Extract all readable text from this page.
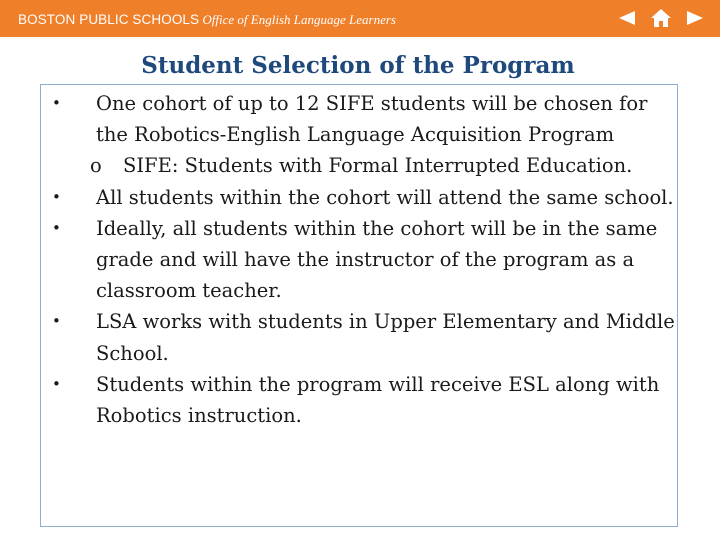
BOSTON PUBLIC SCHOOLS Office of English Language Learners
Student Selection of the Program
•	One cohort of up to 12 SIFE students will be chosen for the Robotics-English Language Acquisition Program
o SIFE: Students with Formal Interrupted Education.
•	All students within the cohort will attend the same school.
•	Ideally, all students within the cohort will be in the same grade and will have the instructor of the program as a classroom teacher.
•	LSA works with students in Upper Elementary and Middle School.
•	Students within the program will receive ESL along with Robotics instruction.
